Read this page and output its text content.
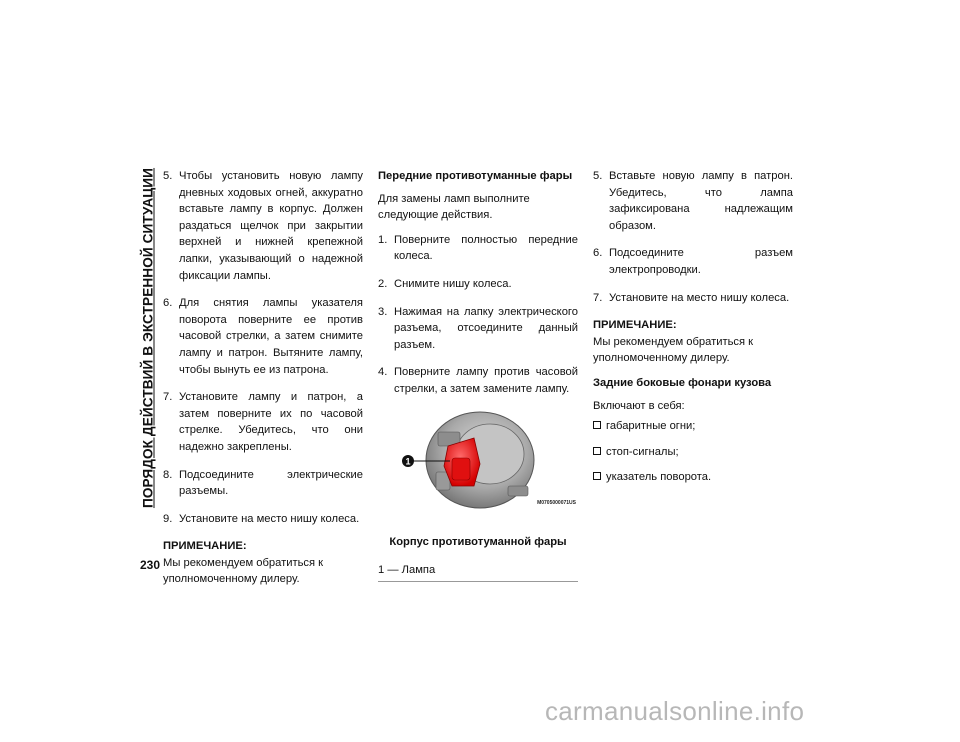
ПОРЯДОК ДЕЙСТВИЙ В ЭКСТРЕННОЙ СИТУАЦИИ 5. Чтобы установить новую лампу дневных ходовых огней, аккуратно вставьте лампу в корпус. Должен раздаться щелчок при закрытии верхней и нижней крепежной лапки, указывающий о надежной фиксации лампы.
6. Для снятия лампы указателя поворота поверните ее против часовой стрелки, а затем снимите лампу и патрон. Вытяните лампу, чтобы вынуть ее из патрона.
7. Установите лампу и патрон, а затем поверните их по часовой стрелке. Убедитесь, что они надежно закреплены.
8. Подсоедините электрические разъемы.
9. Установите на место нишу колеса.
ПРИМЕЧАНИЕ:

Мы рекомендуем обратиться к уполномоченному дилеру.

Передние противотуманные фары

Для замены ламп выполните следующие действия.

1. Поверните полностью передние колеса.
2. Снимите нишу колеса.
3. Нажимая на лапку электрического разъема, отсоедините данный разъем.
4. Поверните лампу против часовой стрелки, а затем замените лампу.
1
M0705000071US
Корпус противотуманной фары
1 — Лампа
5. Вставьте новую лампу в патрон. Убедитесь, что лампа зафиксирована надлежащим образом.
6. Подсоедините разъем электропроводки.
7. Установите на место нишу колеса.
ПРИМЕЧАНИЕ:

Мы рекомендуем обратиться к уполномоченному дилеру.

Задние боковые фонари кузова

Включают в себя:

габаритные огни;
стоп-сигналы;
указатель поворота.
230
carmanualsonline.info
